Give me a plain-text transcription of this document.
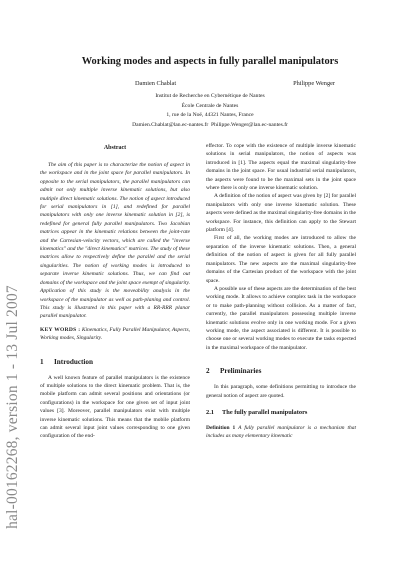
hal-00162268, version 1 - 13 Jul 2007
Working modes and aspects in fully parallel manipulators
Damien Chablat	Philippe Wenger
Institut de Recherche en Cybernétique de Nantes
École Centrale de Nantes
1, rue de la Noë, 44321 Nantes, France
Damien.Chablat@lan.ec-nantes.fr  Philippe.Wenger@lan.ec-nantes.fr
Abstract
The aim of this paper is to characterize the notion of aspect in the workspace and in the joint space for parallel manipulators. In opposite to the serial manipulators, the parallel manipulators can admit not only multiple inverse kinematic solutions, but also multiple direct kinematic solutions. The notion of aspect introduced for serial manipulators in [1], and redefined for parallel manipulators with only one inverse kinematic solution in [2], is redefined for general fully parallel manipulators. Two Jacobian matrices appear in the kinematic relations between the joint-rate and the Cartesian-velocity vectors, which are called the "inverse kinematics" and the "direct kinematics" matrices. The study of these matrices allow to respectively define the parallel and the serial singularities. The notion of working modes is introduced to separate inverse kinematic solutions. Thus, we can find out domains of the workspace and the joint space exempt of singularity. Application of this study is the moveability analysis in the workspace of the manipulator as well as path-planing and control. This study is illustrated in this paper with a RR-RRR planar parallel manipulator.
KEY WORDS : Kinematics, Fully Parallel Manipulator, Aspects, Working modes, Singularity.
1 Introduction
A well known feature of parallel manipulators is the existence of multiple solutions to the direct kinematic problem. That is, the mobile platform can admit several positions and orientations (or configurations) in the workspace for one given set of input joint values [3]. Moreover, parallel manipulators exist with multiple inverse kinematic solutions. This means that the mobile platform can admit several input joint values corresponding to one given configuration of the end-
effector. To cope with the existence of multiple inverse kinematic solutions in serial manipulators, the notion of aspects was introduced in [1]. The aspects equal the maximal singularity-free domains in the joint space. For usual industrial serial manipulators, the aspects were found to be the maximal sets in the joint space where there is only one inverse kinematic solution.
A definition of the notion of aspect was given by [2] for parallel manipulators with only one inverse kinematic solution. These aspects were defined as the maximal singularity-free domains in the workspace. For instance, this definition can apply to the Stewart platform [4].
First of all, the working modes are introduced to allow the separation of the inverse kinematic solutions. Then, a general definition of the notion of aspect is given for all fully parallel manipulators. The new aspects are the maximal singularity-free domains of the Cartesian product of the workspace with the joint space.
A possible use of these aspects are the determination of the best working mode. It allows to achieve complex task in the workspace or to make path-planning without collision. As a matter of fact, currently, the parallel manipulators possessing multiple inverse kinematic solutions evolve only in one working mode. For a given working mode, the aspect associated is different. It is possible to choose one or several working modes to execute the tasks expected in the maximal workspace of the manipulator.
2 Preliminaries
In this paragraph, some definitions permitting to introduce the general notion of aspect are quoted.
2.1 The fully parallel manipulators
Definition 1 A fully parallel manipulator is a mechanism that includes as many elementary kinematic
